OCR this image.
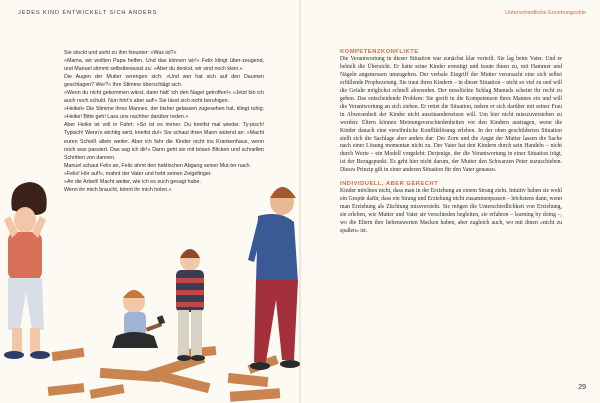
JEDES KIND ENTWICKELT SICH ANDERS	Unterschiedliche Erziehungsstile

Sie stockt und sieht zu ihm hinunter: »Was ist?«

»Mama, wir wollten Papa helfen. Und das können wir!« Felix klingt über-zeugend, und Manuel stimmt selbstbewusst zu: »Aber du denkst, wir sind noch klein.«

Die Augen der Mutter verengen sich: »Und wer hat sich auf den Daumen geschlagen? Wer?« Ihre Stimme überschlägt sich.

»Wenn du nicht gekommen wärst, dann hätt’ ich den Nagel getroffen!« »Jetzt bin ich auch noch schuld. Nun hört’s aber auf!« Sie lässt sich nicht beruhigen.

»Heikel« Die Stimme ihres Mannes, der bisher gelassen zugesehen hat, klingt ruhig: »Heike! Bitte geh! Lass uns nachher darüber reden.«

Aber Heike ist voll in Fahrt: »So ist es immer. Du kneifst mal wieder. Ty-pisch! Typisch! Wenn’s wichtig wird, kneifst du!« Sie schaut ihren Mann wütend an: »Macht euren Scheiß allein weiter. Aber ich fahr die Kinder nicht ins Krankenhaus, wenn noch was passiert. Das sag ich dir!« Dann geht sie mit bösen Blicken und schnellen Schritten von dannen.

Manuel schaut Felix an, Felix ahmt den hektischen Abgang seiner Mut-ter nach.

»Felix! Hör auf!«, mahnt der Vater und hebt seinen Zeigefinger.

»An die Arbeit! Macht weiter, wie ich es euch gesagt habe.

Wenn ihr mich braucht, könnt ihr mich holen.«

KOMPETENZKONFLIKTE

Die Verantwortung in dieser Situation war zunächst klar verteilt. Sie lag beim Vater. Und er behielt die Übersicht. Er hatte seine Kinder ermutigt und traute ihnen zu, mit Hammer und Nägeln angemessen umzugehen. Der verbale Eingriff der Mutter verursacht eine sich selbst erfüllende Prophezeiung. Sie traut ihren Kindern – in dieser Situation – nicht so viel zu und will die Gefahr möglichst schnell abwenden. Der misslückte Schlag Manuels scheint ihr recht zu geben. Das entscheidende Problem: Sie greift in die Kompetenzen ihres Mannes ein und will die Verantwortung an sich ziehen. Er rettet die Situation, indem er sich darüber mit seiner Frau in Abwesenheit der Kinder nicht auseinandersetzen will. Um hier nicht misszuverstehen zu werden: Eltern können Meinungsverschiedenheiten vor den Kindern austragen, wenn die Kinder danach eine versöhnliche Konfliktlösung erleben. In der oben geschilderten Situation stellt sich die Sachlage aber anders dar: Der Zorn und die Angst der Mutter lassen die Sache nach einer Lösung momentan nicht zu. Der Vater hat den Kindern durch sein Handeln – nicht durch Worte – ein Modell vorgelebt: Derjenige, der die Verantwortung in einer Situation trägt, ist der Bezugspunkt. Es geht hier nicht darum, der Mutter den Schwarzen Peter zuzuschieben. Dieses Prinzip gilt in einer anderen Situation für den Vater genauso.

INDIVIDUELL, ABER GERECHT

Kinder möchten nicht, dass man in der Erziehung an einem Strang zieht. Intuitiv haben sie wohl ein Gespür dafür, dass ein Strang und Erziehung nicht zusammenpassen – höchstens dann, wenn man Erziehung als Züchtung missversteht. Sie mögen die Unterschiedlichkeit von Erziehung, sie erleben, wie Mutter und Vater sie verschieden begleiten, sie erfahren – learning by doing –, wo die Eltern ihre liebenswerten Macken haben, aber zugleich auch, wo mit ihnen »nicht zu spaßen« ist.

29
